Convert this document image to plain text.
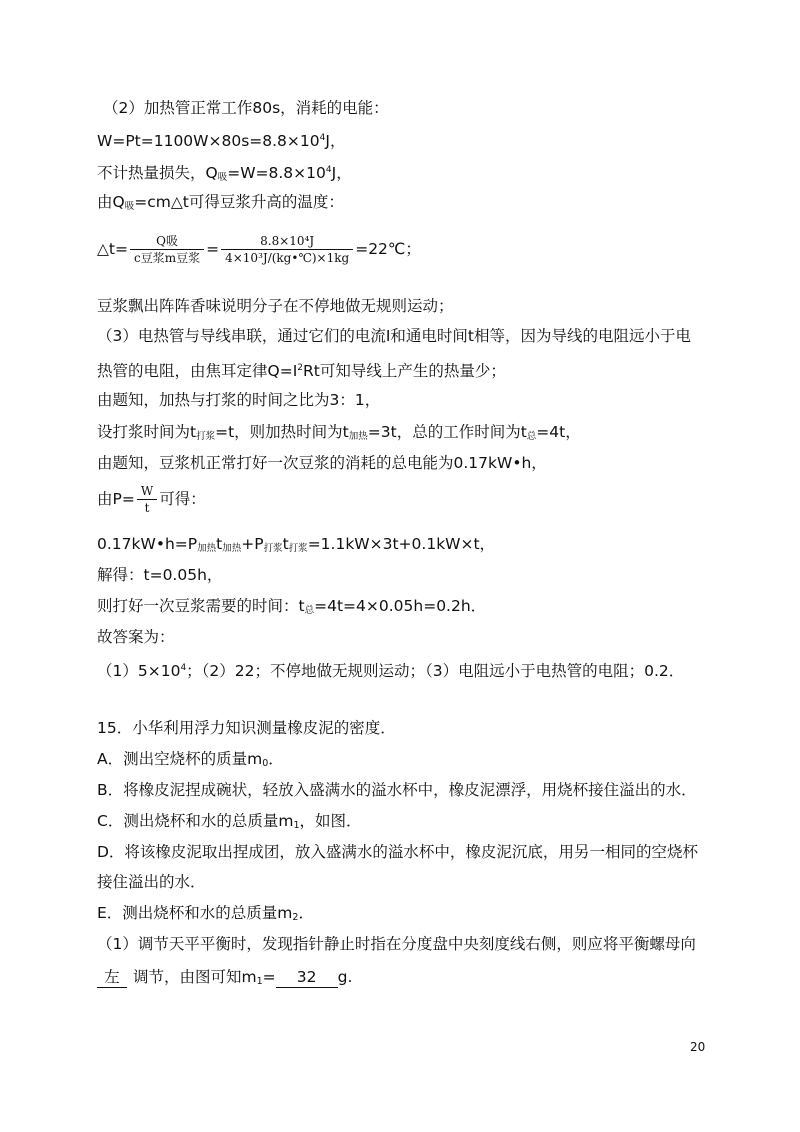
（2）加热管正常工作80s，消耗的电能：
$W=Pt=1100W\times 80s=8.8\times 10^4J$，
不计热量损失，$Q_吸=W=8.8\times 10^4J$，
由$Q_吸=cm\triangle t$可得豆浆升高的温度：
△t= $\frac{\text{Q吸}}{\text{c豆浆m豆浆}} = \frac{\text{8.8×10⁴J}}{\text{4×10³J/(kg•℃)×1kg}}$ =22℃；
豆浆飘出阵阵香味说明分子在不停地做无规则运动；
（3）电热管与导线串联，通过它们的电流I和通电时间t相等，因为导线的电阻远小于电
热管的电阻，由焦耳定律$Q=I^2Rt$可知导线上产生的热量少；
由题知，加热与打浆的时间之比为3：1，
设打浆时间为$t_{打浆}=t$，则加热时间为$t_{加热}=3t$，总的工作时间为$t_总=4t$，
由题知，豆浆机正常打好一次豆浆的消耗的总电能为0.17kW•h，
由$P= \frac{W}{t}$ 可得：
$0.17kW•h=P_{加热}t_{加热}+P_{打浆}t_{打浆}=1.1kW\times 3t+0.1kW\times t$，
解得：t=0.05h，
则打好一次豆浆需要的时间：$t_总=4t=4\times 0.05h=0.2h$．
故答案为：
$(1)5\times 10^4$；（2）22；不停地做无规则运动；（3）电阻远小于电热管的电阻；0.2．
15．小华利用浮力知识测量橡皮泥的密度．
A．测出空烧杯的质量$m_0$．
B．将橡皮泥捏成碗状，轻放入盛满水的溢水杯中，橡皮泥漂浮，用烧杯接住溢出的水．
C．测出烧杯和水的总质量$m_1$，如图．
D．将该橡皮泥取出捏成团，放入盛满水的溢水杯中，橡皮泥沉底，用另一相同的空烧杯
接住溢出的水．
E．测出烧杯和水的总质量$m_2$．
（1）调节天平平衡时，发现指针静止时指在分度盘中央刻度线右侧，则应将平衡螺母向
左 调节，由图可知$m_1= 32$ g.
20
